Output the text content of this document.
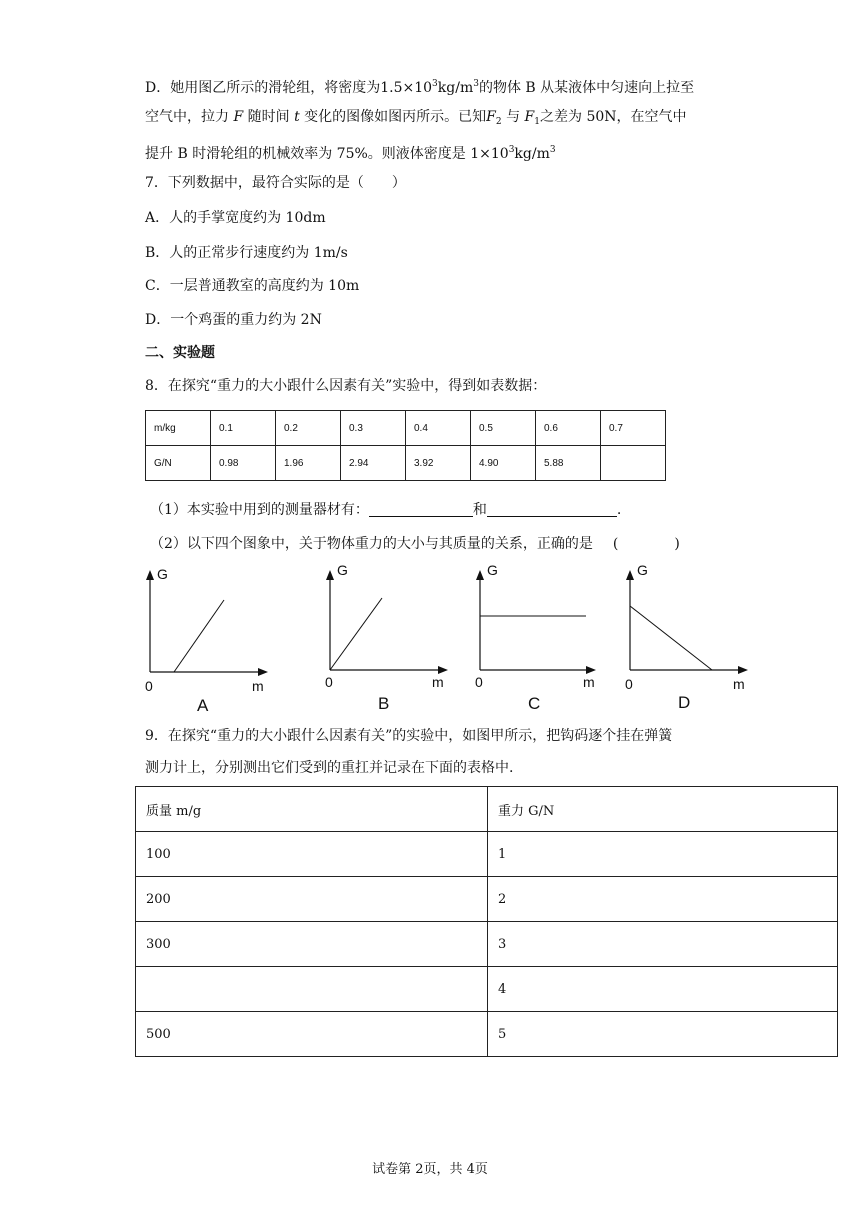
D．她用图乙所示的滑轮组，将密度为$1.5\times 10^3kg/m^3$的物体 B 从某液体中匀速向上拉至
空气中，拉力 F 随时间 t 变化的图像如图丙所示。已知$F_2$ 与 $F_1$之差为 50N，在空气中
提升 B 时滑轮组的机械效率为 75%。则液体密度是 $1\times 10^3kg/m^3$
7．下列数据中，最符合实际的是（　　）
A．人的手掌宽度约为 10dm
B．人的正常步行速度约为 1m/s
C．一层普通教室的高度约为 10m
D．一个鸡蛋的重力约为 2N
二、实验题
8．在探究“重力的大小跟什么因素有关”实验中，得到如表数据：
m/kg	0.1	0.2	0.3	0.4	0.5	0.6	0.7
G/N	0.98	1.96	2.94	3.92	4.90	5.88	
（1）本实验中用到的测量器材有：	和	.
（2）以下四个图象中，关于物体重力的大小与其质量的关系，正确的是 (　　　　)
G
0	m
A
G
0	m
B
G
0	m
C
G
0	m
D
9．在探究“重力的大小跟什么因素有关”的实验中，如图甲所示，把钩码逐个挂在弹簧
测力计上，分别测出它们受到的重扛并记录在下面的表格中.
质量 m/g	重力 G/N
100	1
200	2
300	3
	4
500	5
试卷第 2页，共 4页
